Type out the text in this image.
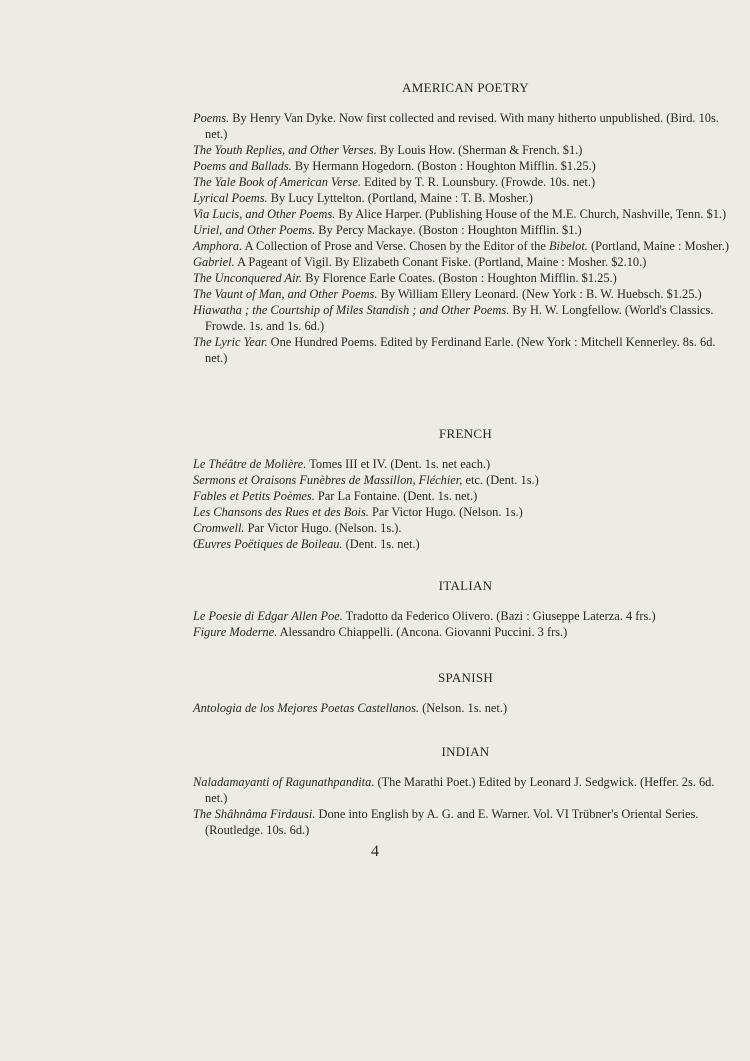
AMERICAN POETRY

Poems. By Henry Van Dyke. Now first collected and revised. With many hitherto unpublished. (Bird. 10s. net.)

The Youth Replies, and Other Verses. By Louis How. (Sherman & French. $1.)

Poems and Ballads. By Hermann Hogedorn. (Boston : Houghton Mifflin. $1.25.)

The Yale Book of American Verse. Edited by T. R. Lounsbury. (Frowde. 10s. net.)

Lyrical Poems. By Lucy Lyttelton. (Portland, Maine : T. B. Mosher.)

Via Lucis, and Other Poems. By Alice Harper. (Publishing House of the M.E. Church, Nashville, Tenn. $1.)

Uriel, and Other Poems. By Percy Mackaye. (Boston : Houghton Mifflin. $1.)

Amphora. A Collection of Prose and Verse. Chosen by the Editor of the Bibelot. (Portland, Maine : Mosher.)

Gabriel. A Pageant of Vigil. By Elizabeth Conant Fiske. (Portland, Maine : Mosher. $2.10.)

The Unconquered Air. By Florence Earle Coates. (Boston : Houghton Mifflin. $1.25.)

The Vaunt of Man, and Other Poems. By William Ellery Leonard. (New York : B. W. Huebsch. $1.25.)

Hiawatha ; the Courtship of Miles Standish ; and Other Poems. By H. W. Longfellow. (World's Classics. Frowde. 1s. and 1s. 6d.)

The Lyric Year. One Hundred Poems. Edited by Ferdinand Earle. (New York : Mitchell Kennerley. 8s. 6d. net.)

FRENCH

Le Théâtre de Molière. Tomes III et IV. (Dent. 1s. net each.)

Sermons et Oraisons Funèbres de Massillon, Fléchier, etc. (Dent. 1s.)

Fables et Petits Poèmes. Par La Fontaine. (Dent. 1s. net.)

Les Chansons des Rues et des Bois. Par Victor Hugo. (Nelson. 1s.)

Cromwell. Par Victor Hugo. (Nelson. 1s.).

Œuvres Poëtiques de Boileau. (Dent. 1s. net.)

ITALIAN

Le Poesie di Edgar Allen Poe. Tradotto da Federico Olivero. (Bazi : Giuseppe Laterza. 4 frs.)

Figure Moderne. Alessandro Chiappelli. (Ancona. Giovanni Puccini. 3 frs.)

SPANISH

Antologia de los Mejores Poetas Castellanos. (Nelson. 1s. net.)

INDIAN

Naladamayanti of Ragunathpandita. (The Marathi Poet.) Edited by Leonard J. Sedgwick. (Heffer. 2s. 6d. net.)

The Shâhnâma Firdausi. Done into English by A. G. and E. Warner. Vol. VI Trübner's Oriental Series. (Routledge. 10s. 6d.)

4
